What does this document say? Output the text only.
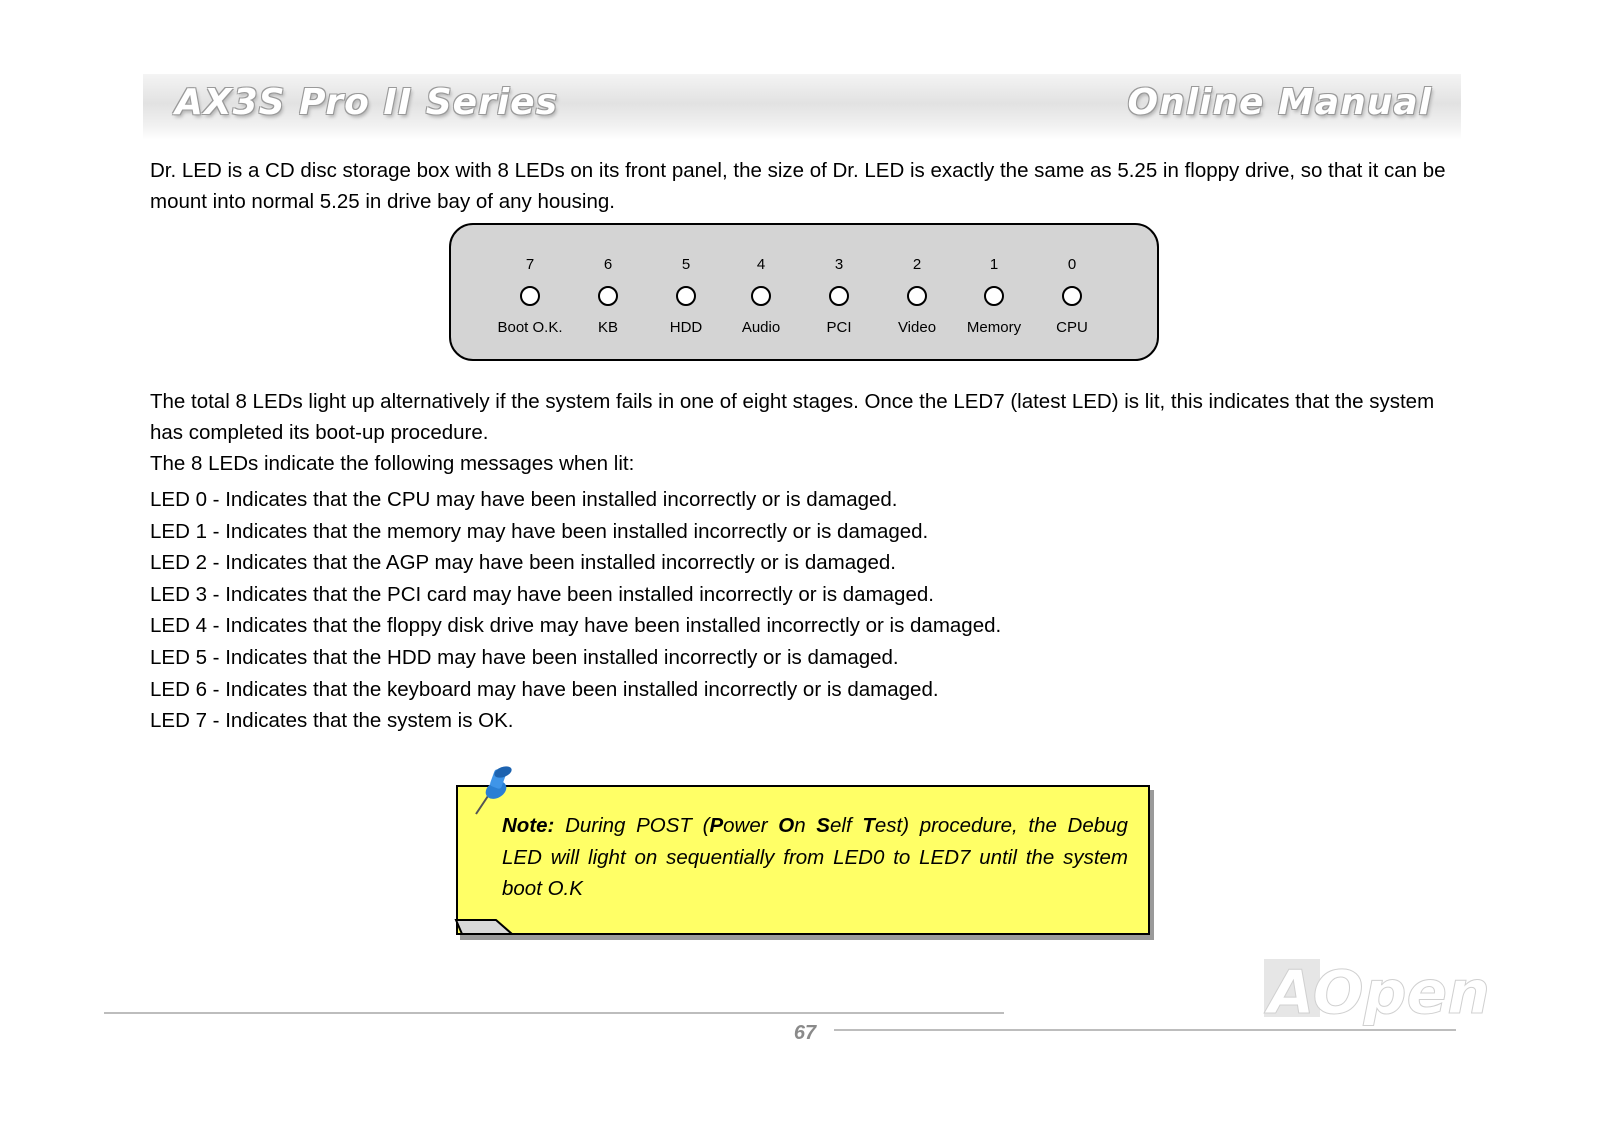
AX3S Pro II Series	Online Manual

Dr. LED is a CD disc storage box with 8 LEDs on its front panel, the size of Dr. LED is exactly the same as 5.25 in floppy drive, so that it can be mount into normal 5.25 in drive bay of any housing.

7
Boot O.K.
6
KB
5
HDD
4
Audio
3
PCI
2
Video
1
Memory
0
CPU

The total 8 LEDs light up alternatively if the system fails in one of eight stages. Once the LED7 (latest LED) is lit, this indicates that the system has completed its boot-up procedure.

The 8 LEDs indicate the following messages when lit:

LED 0 - Indicates that the CPU may have been installed incorrectly or is damaged.
LED 1 - Indicates that the memory may have been installed incorrectly or is damaged.
LED 2 - Indicates that the AGP may have been installed incorrectly or is damaged.
LED 3 - Indicates that the PCI card may have been installed incorrectly or is damaged.
LED 4 - Indicates that the floppy disk drive may have been installed incorrectly or is damaged.
LED 5 - Indicates that the HDD may have been installed incorrectly or is damaged.
LED 6 - Indicates that the keyboard may have been installed incorrectly or is damaged.
LED 7 - Indicates that the system is OK.

Note: During POST (Power On Self Test) procedure, the Debug LED will light on sequentially from LED0 to LED7 until the system boot O.K

AOpen
67
